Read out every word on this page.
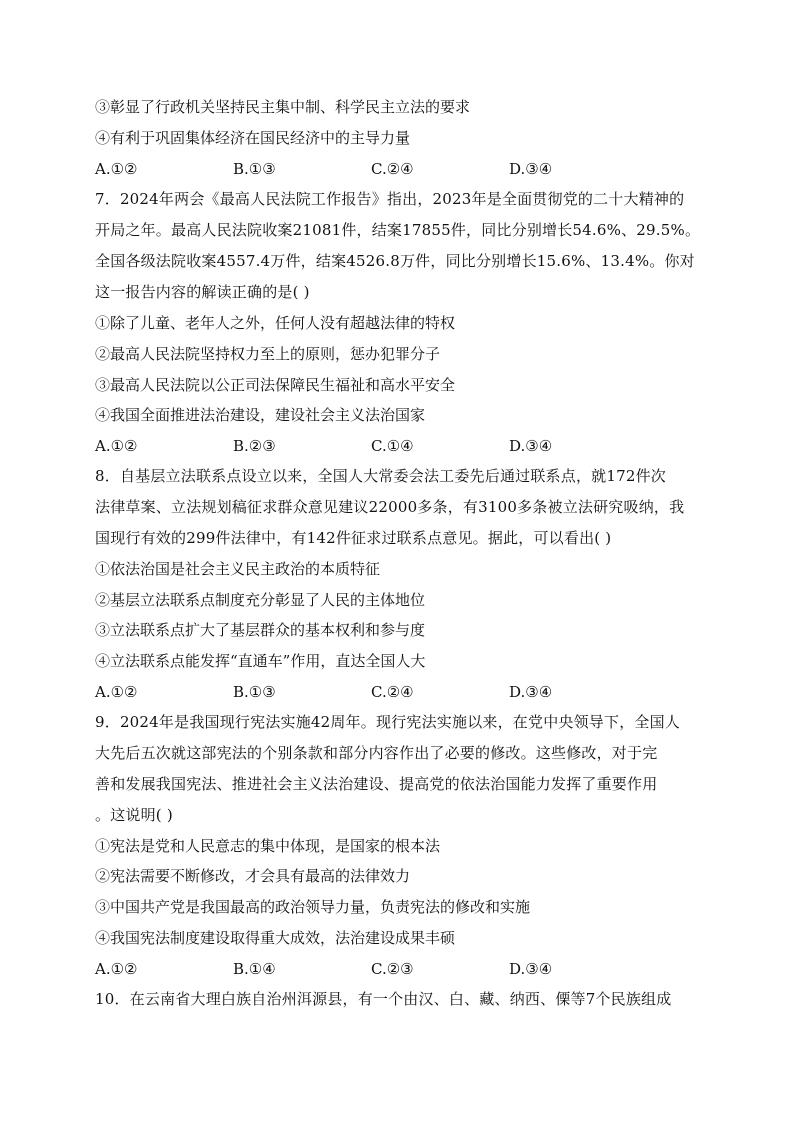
③彰显了行政机关坚持民主集中制、科学民主立法的要求
④有利于巩固集体经济在国民经济中的主导力量
A.①②	B.①③	C.②④	D.③④
7．2024年两会《最高人民法院工作报告》指出，2023年是全面贯彻党的二十大精神的
开局之年。最高人民法院收案21081件，结案17855件，同比分别增长54.6%、29.5%。
全国各级法院收案4557.4万件，结案4526.8万件，同比分别增长15.6%、13.4%。你对
这一报告内容的解读正确的是( )
①除了儿童、老年人之外，任何人没有超越法律的特权
②最高人民法院坚持权力至上的原则，惩办犯罪分子
③最高人民法院以公正司法保障民生福祉和高水平安全
④我国全面推进法治建设，建设社会主义法治国家
A.①②	B.②③	C.①④	D.③④
8．自基层立法联系点设立以来，全国人大常委会法工委先后通过联系点，就172件次
法律草案、立法规划稿征求群众意见建议22000多条，有3100多条被立法研究吸纳，我
国现行有效的299件法律中，有142件征求过联系点意见。据此，可以看出( )
①依法治国是社会主义民主政治的本质特征
②基层立法联系点制度充分彰显了人民的主体地位
③立法联系点扩大了基层群众的基本权利和参与度
④立法联系点能发挥“直通车”作用，直达全国人大
A.①②	B.①③	C.②④	D.③④
9．2024年是我国现行宪法实施42周年。现行宪法实施以来，在党中央领导下，全国人
大先后五次就这部宪法的个别条款和部分内容作出了必要的修改。这些修改，对于完
善和发展我国宪法、推进社会主义法治建设、提高党的依法治国能力发挥了重要作用
。这说明( )
①宪法是党和人民意志的集中体现，是国家的根本法
②宪法需要不断修改，才会具有最高的法律效力
③中国共产党是我国最高的政治领导力量，负责宪法的修改和实施
④我国宪法制度建设取得重大成效，法治建设成果丰硕
A.①②	B.①④	C.②③	D.③④
10．在云南省大理白族自治州洱源县，有一个由汉、白、藏、纳西、傈等7个民族组成
